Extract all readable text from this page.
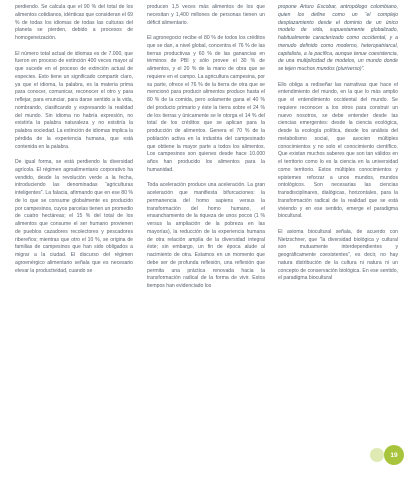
perdiendo. Se calcula que el 90 % del total de los alimentos cotidianos, idénticas que consideran el 69 % de todas los idiomas de todas las culturas del planeta se pierden, debido a procesos de homogeneización.

El número total actual de idiomas es de 7.000, que fueron en proceso de extinción 400 veces mayor al que sucede en el proceso de extinción actual de especies. Esto tiene un significado compartir claro, ya que el idioma, la palabra, es la materia prima para conocer, comunicar, reconocer el otro y para reflejar, para enunciar, para darse sentido a la vida, nombrando, clasificando y expresando la realidad del mundo. Sin idioma no habría expresión, no existiría la palabra naturaleza y no existiría la palabra sociedad. La extinción de idiomas implica la pérdida de la experiencia humana, que está contenida en la palabra.

De igual forma, se está perdiendo la diversidad agrícola. El régimen agroalimentario corporativo ha vendido, desde la revolución verde a la fecha, introduciendo las denominadas “agriculturas inteligentes”. La falacia, afirmando que en ese 80 % de lo que se consume globalmente es producido por campesinos, cuyos parcelas tienen un promedio de cuatro hectáreas; el 15 % del total de los alimentos que consume el ser humano provienen de pueblos cazadores recolectores y pescadores ribereños; mientras que otro el 10 %, se origina de familias de campesinos que han sido obligados a migrar a la ciudad. El discurso del régimen agroenérgico alimentario señala que es necesario elevar la productividad, cuando se

producen 1,5 veces más alimentos de los que necesitan y 1,400 millones de personas tienen un déficit alimentario.

El agronegocio recibe el 80 % de todos los créditos que se dan, a nivel global, concentra el 76 % de las tierras productivas y 60 % de las ganancias en términos de PBI y sólo provee el 30 % de alimentos, y el 20 % de la mano de obra que se requiere en el campo. La agricultura campesina, por su parte, ofrece el 76 % de la tierra de otra que se mencionó para producir alimentos produce hasta el 80 % de la comida, pero solamente gana el 40 % del producto primario y éste la tierra sobre el 24 % de los tierras y únicamente se le otorga el 14 % del total de los créditos que se aplican para la producción de alimentos. Genera el 70 % de la población activa en la industria del campesinado que obtiene la mayor parte a todos los alimentos. Los campesinos son quienes desde hace 10.000 años han producido los alimentos para la humanidad.

Toda aceleración produce una aceleración. La gran aceleración que manifiesta bifurcaciones: la permanencia del homo sapiens versus la transformación del homo humano, el ensanchamiento de la riqueza de unos pocos (1 % versus la ampliación de la pobreza en las mayorías), la reducción de la experiencia humana de otra relación amplia de la diversidad integral éste; sin embargo, un fin de época alude al nacimiento de otra. Estamos en un momento que debe ser de profunda reflexión, una reflexión que permita una práctica renovada hacia la transformación radical de la forma de vivir. Estos tiempos han evidenciado los

propone Arturo Escobar, antropólogo colombiano, quien los define como un “el complejo desplazamiento desde el dominio de un único modelo de vida, supuestamente globalizado, habitualmente caracterizado como occidental, y a menudo definido como moderno, heteropatriarcal, capitalista, a la pacífica, aunque tenue coexistencia, de una multiplicidad de modelos, un mundo donde se tejen muchos mundos (pluriverso)”.

Ello obliga a rediseñar las narrativas que hace el entendimiento del mundo, en la que lo más amplio que el entendimiento occidental del mundo. Se requiere reconocer a los otros para construir un nuevo nosotros, se debe entender desde las ciencias emergentes: desde la ciencia ecológica, desde la ecología política, desde los análisis del metabolismo social, que asocien múltiples conocimientos y no solo el conocimiento científico. Que existan muchos saberes que son tan válidos en el territorio como lo es la ciencia en la universidad como territorio. Estos múltiples conocimientos y epistemes reforzar a unos mundos, mundos ontológicos. Son necesarias las ciencias transdisciplinares, dialógicas, horizontales, para la transformación radical de la realidad que se está viviendo y en ese sentido, emerge el paradigma biocultural.

El axioma biocultural señala, de acuerdo con Nietzschner, que “la diversidad biológica y cultural son mutuamente interdependientes y geográficamente coexistentes”, es decir, no hay natura distribución de la cultura ni natura ni un concepto de conservación biológica. En ese sentido, el paradigma biocultural

19
